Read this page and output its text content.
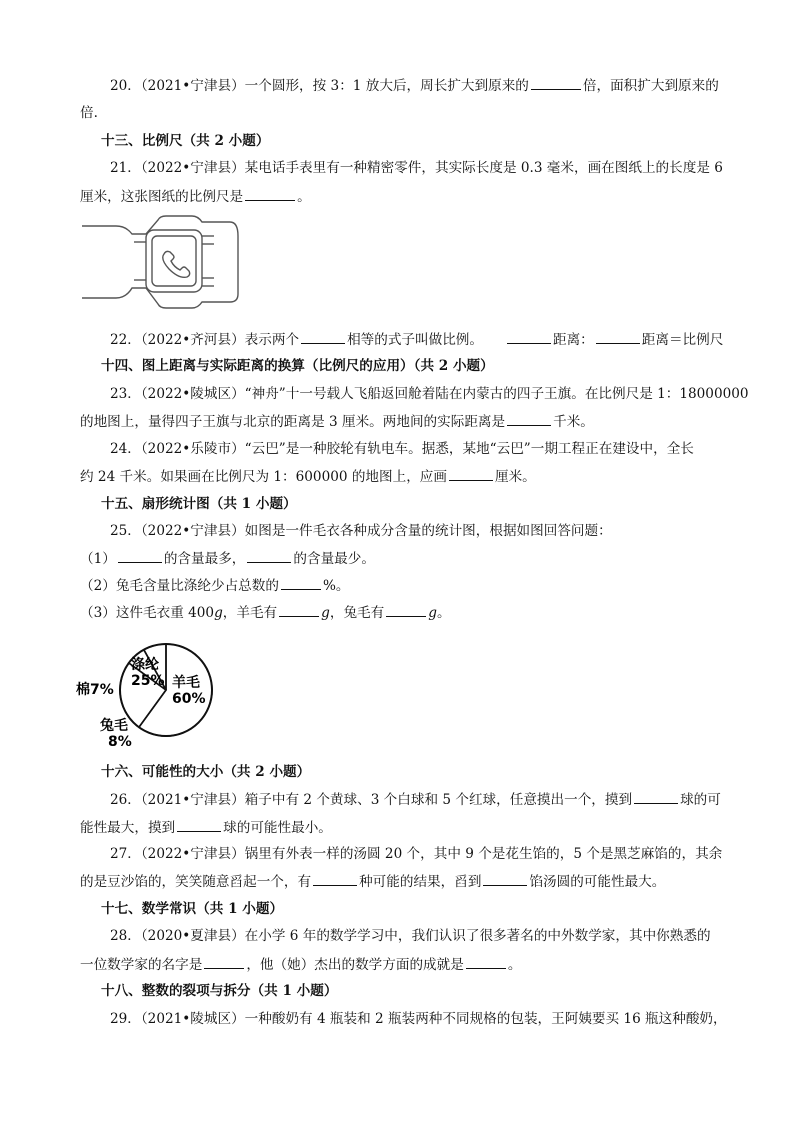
20．（2021•宁津县）一个圆形，按 3：1 放大后，周长扩大到原来的	倍，面积扩大到原来的
倍.
十三、比例尺（共 2 小题）
21．（2022•宁津县）某电话手表里有一种精密零件，其实际长度是 0.3 毫米，画在图纸上的长度是 6
厘米，这张图纸的比例尺是	。
22．（2022•齐河县）表示两个	相等的式子叫做比例。	距离：	距离＝比例尺
十四、图上距离与实际距离的换算（比例尺的应用）（共 2 小题）
23．（2022•陵城区）“神舟”十一号载人飞船返回舱着陆在内蒙古的四子王旗。在比例尺是 1：18000000
的地图上，量得四子王旗与北京的距离是 3 厘米。两地间的实际距离是	千米。
24．（2022•乐陵市）“云巴”是一种胶轮有轨电车。据悉，某地“云巴”一期工程正在建设中，全长
约 24 千米。如果画在比例尺为 1：600000 的地图上，应画	厘米。
十五、扇形统计图（共 1 小题）
25．（2022•宁津县）如图是一件毛衣各种成分含量的统计图，根据如图回答问题：
（1）	的含量最多，	的含量最少。
（2）兔毛含量比涤纶少占总数的	%。
（3）这件毛衣重 400g，羊毛有	g，兔毛有	g。
羊毛
60%
涤纶
25%
棉7%
兔毛
8%
十六、可能性的大小（共 2 小题）
26．（2021•宁津县）箱子中有 2 个黄球、3 个白球和 5 个红球，任意摸出一个，摸到	球的可
能性最大，摸到	球的可能性最小。
27．（2022•宁津县）锅里有外表一样的汤圆 20 个，其中 9 个是花生馅的，5 个是黑芝麻馅的，其余
的是豆沙馅的，笑笑随意舀起一个，有	种可能的结果，舀到	馅汤圆的可能性最大。
十七、数学常识（共 1 小题）
28．（2020•夏津县）在小学 6 年的数学学习中，我们认识了很多著名的中外数学家，其中你熟悉的
一位数学家的名字是	，他（她）杰出的数学方面的成就是	。
十八、整数的裂项与拆分（共 1 小题）
29．（2021•陵城区）一种酸奶有 4 瓶装和 2 瓶装两种不同规格的包装，王阿姨要买 16 瓶这种酸奶，
